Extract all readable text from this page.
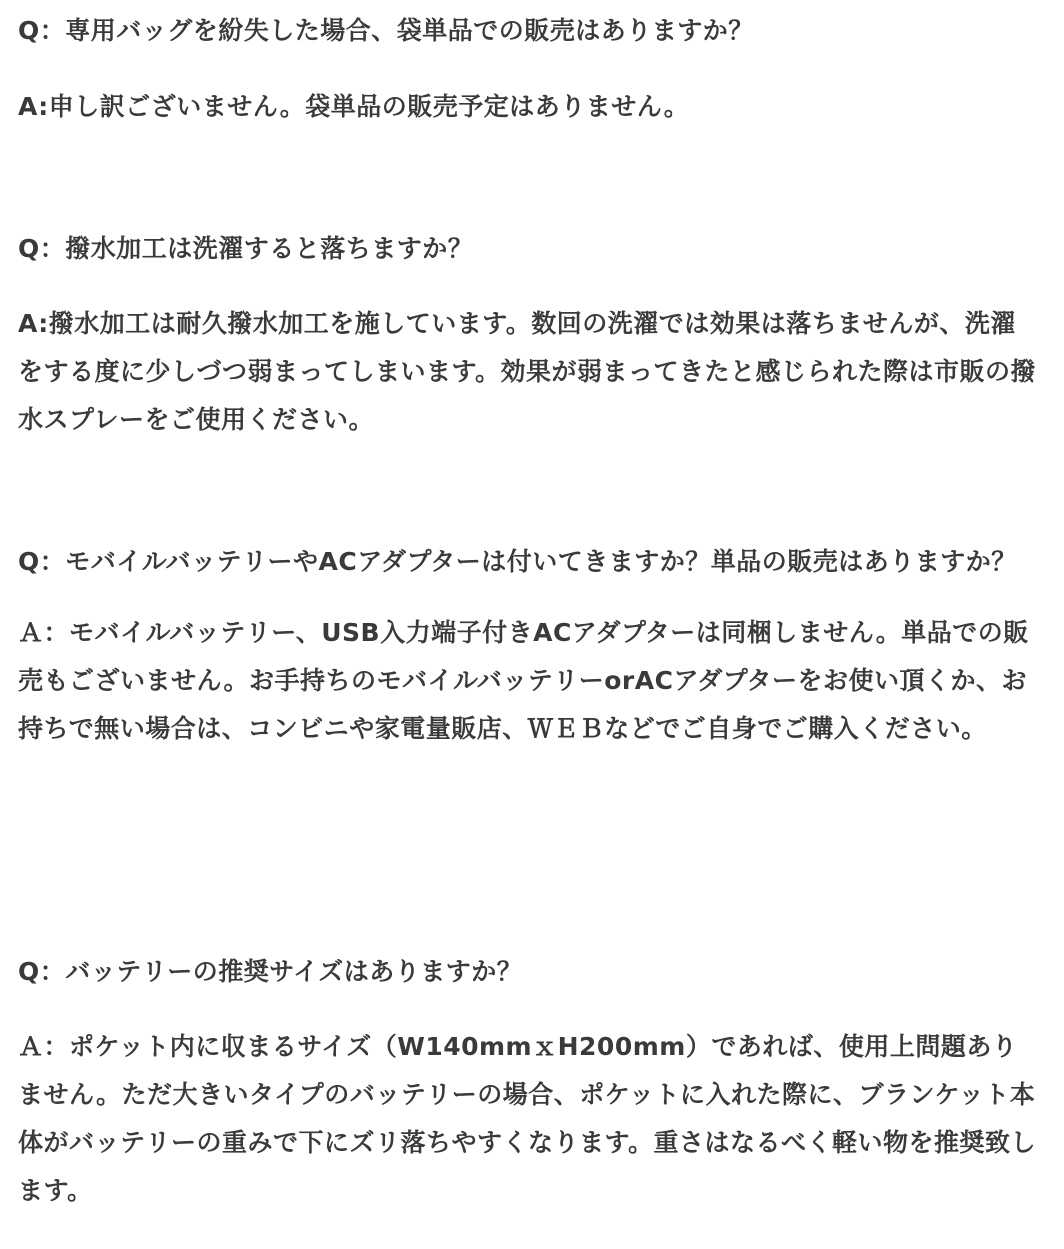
Q：専用バッグを紛失した場合、袋単品での販売はありますか？

A:申し訳ございません。袋単品の販売予定はありません。

Q：撥水加工は洗濯すると落ちますか？

A:撥水加工は耐久撥水加工を施しています。数回の洗濯では効果は落ちませんが、洗濯をする度に少しづつ弱まってしまいます。効果が弱まってきたと感じられた際は市販の撥水スプレーをご使用ください。

Q：モバイルバッテリーやACアダプターは付いてきますか？単品の販売はありますか？

Ａ：モバイルバッテリー、USB入力端子付きACアダプターは同梱しません。単品での販売もございません。お手持ちのモバイルバッテリーorACアダプターをお使い頂くか、お持ちで無い場合は、コンビニや家電量販店、ＷＥＢなどでご自身でご購入ください。

Q：バッテリーの推奨サイズはありますか？

Ａ：ポケット内に収まるサイズ（W140mmｘH200mm）であれば、使用上問題ありません。ただ大きいタイプのバッテリーの場合、ポケットに入れた際に、ブランケット本体がバッテリーの重みで下にズリ落ちやすくなります。重さはなるべく軽い物を推奨致します。
